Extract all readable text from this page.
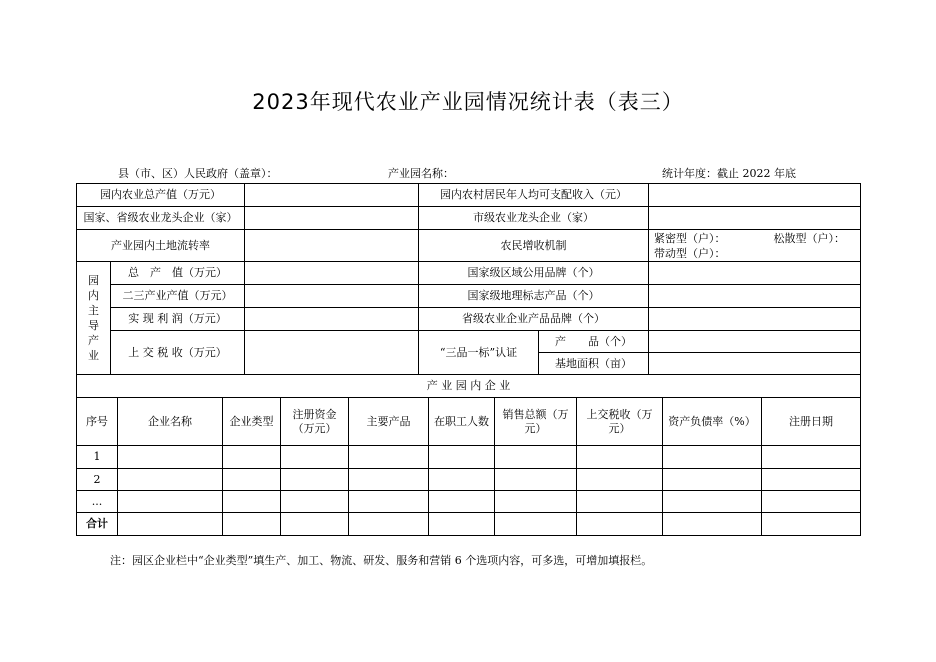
2023年现代农业产业园情况统计表（表三）
县（市、区）人民政府（盖章）：	产业园名称：	统计年度：截止 2022 年底
园内农业总产值（万元）			园内农村居民年人均可支配收入（元）		
国家、省级农业龙头企业（家）			市级农业龙头企业（家）		
产业园内土地流转率			农民增收机制		紧密型（户）： 松散型（户）：
带动型（户）：

园内主导产业	总　产　值（万元）		国家级区域公用品牌（个）		
	二三产业产值（万元）		国家级地理标志产品（个）		
	实 现 利 润（万元）		省级农业企业产品品牌（个）		
	上 交 税 收（万元）		“三品一标”认证	产　　品（个）	
				基地面积（亩）	
产 业 园 内 企 业					
序号	企业名称	企业类型	注册资金（万元）	主要产品	在职工人数	销售总额（万元）	上交税收（万元）	资产负债率（%）	注册日期
1									
2									
...									
合计									
注：园区企业栏中“企业类型”填生产、加工、物流、研发、服务和营销 6 个选项内容，可多选，可增加填报栏。
